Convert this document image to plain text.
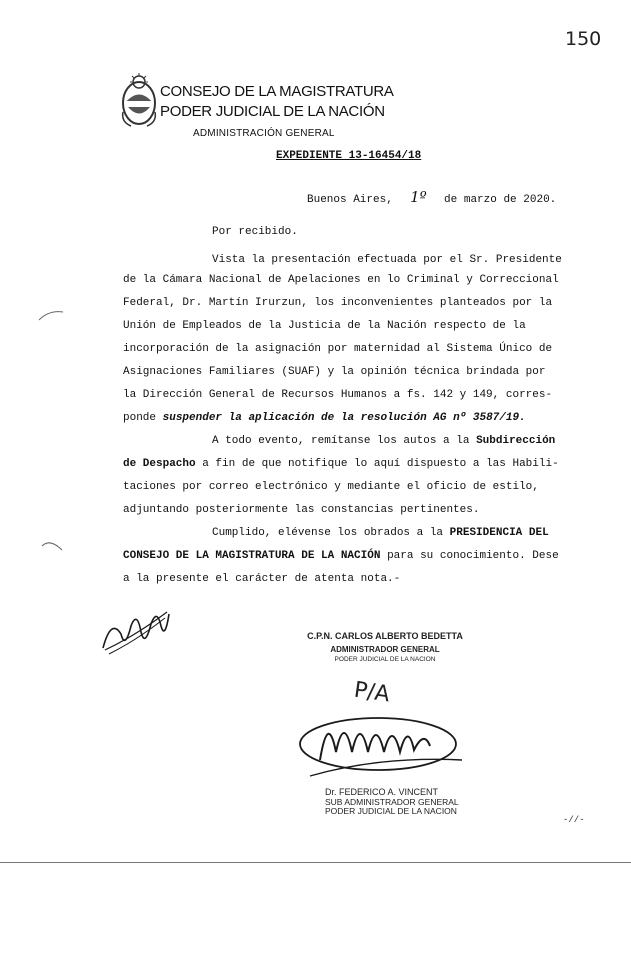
150
CONSEJO DE LA MAGISTRATURA
PODER JUDICIAL DE LA NACIÓN
ADMINISTRACIÓN GENERAL
EXPEDIENTE 13-16454/18
Buenos Aires, 1º de marzo de 2020.
Por recibido.
Vista la presentación efectuada por el Sr. Presidente
de la Cámara Nacional de Apelaciones en lo Criminal y Correccional
Federal, Dr. Martín Irurzun, los inconvenientes planteados por la
Unión de Empleados de la Justicia de la Nación respecto de la
incorporación de la asignación por maternidad al Sistema Único de
Asignaciones Familiares (SUAF) y la opinión técnica brindada por
la Dirección General de Recursos Humanos a fs. 142 y 149, corres-
ponde suspender la aplicación de la resolución AG nº 3587/19.
A todo evento, remítanse los autos a la Subdirección
de Despacho a fin de que notifique lo aquí dispuesto a las Habili-
taciones por correo electrónico y mediante el oficio de estilo,
adjuntando posteriormente las constancias pertinentes.
Cumplido, elévense los obrados a la PRESIDENCIA DEL
CONSEJO DE LA MAGISTRATURA DE LA NACIÓN para su conocimiento. Dese
a la presente el carácter de atenta nota.-
C.P.N. CARLOS ALBERTO BEDETTA
ADMINISTRADOR GENERAL
PODER JUDICIAL DE LA NACION
P/A
Dr. FEDERICO A. VINCENT
SUB ADMINISTRADOR GENERAL
PODER JUDICIAL DE LA NACION
-//-
